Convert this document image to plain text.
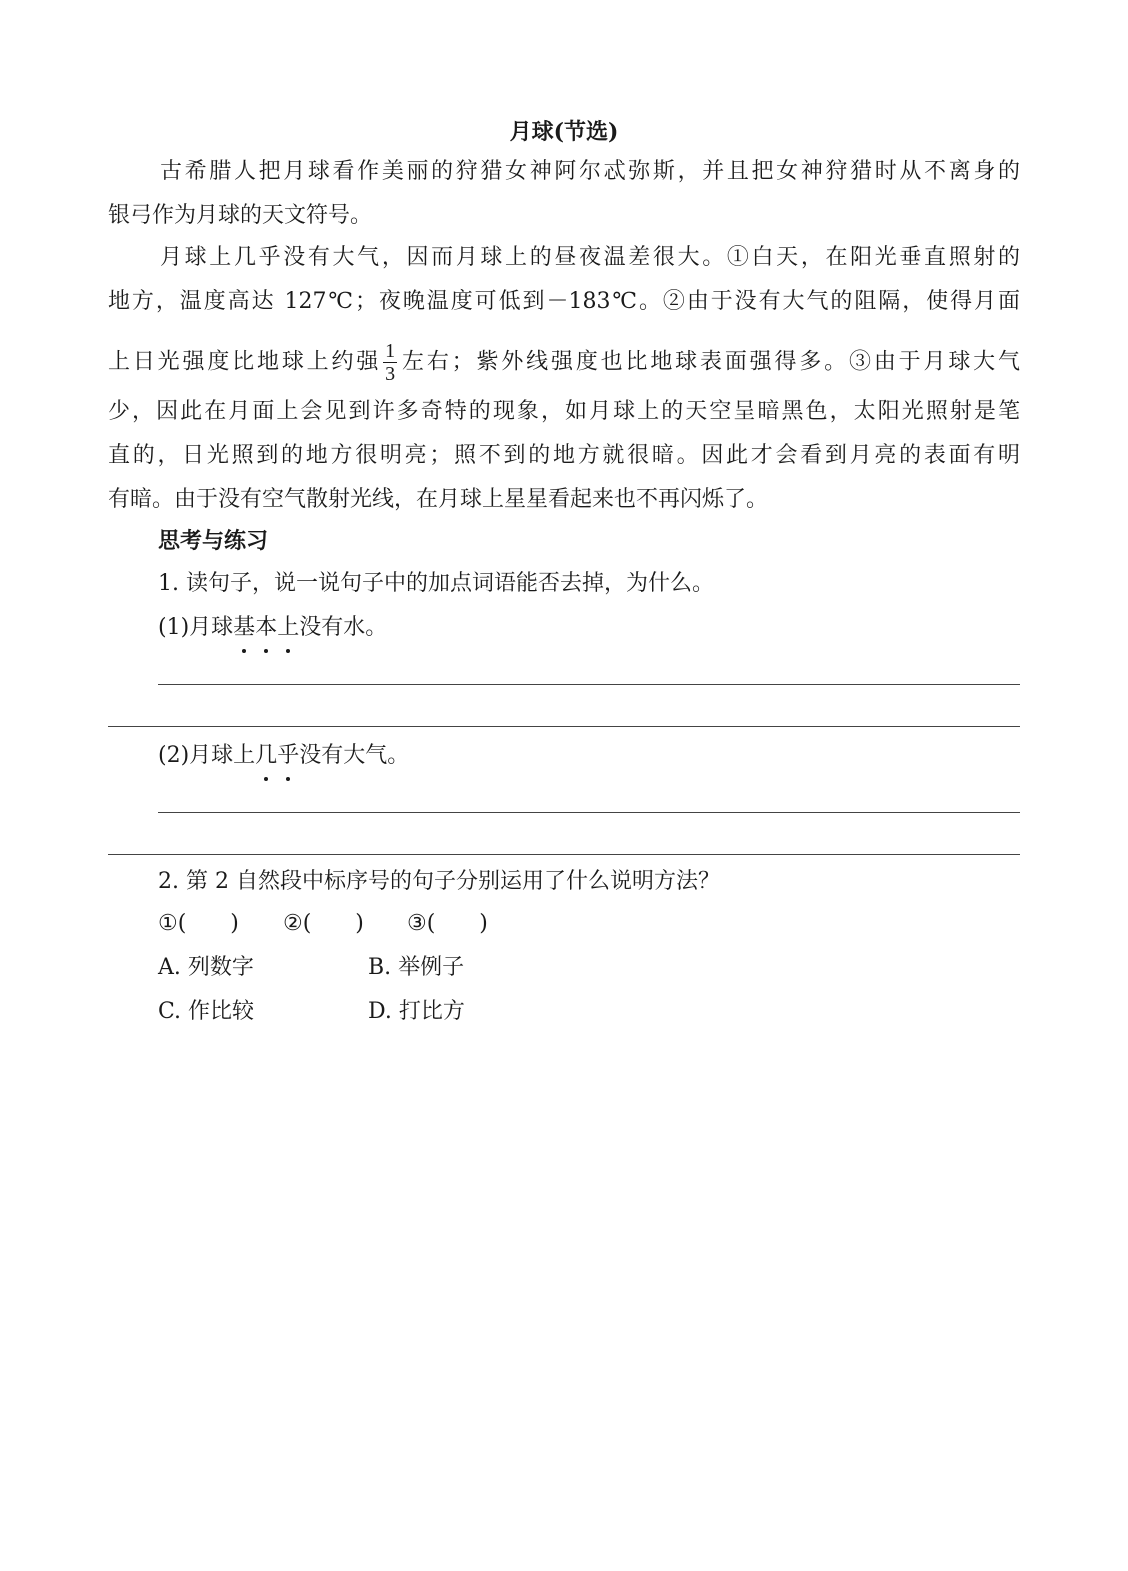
月球(节选)
古希腊人把月球看作美丽的狩猎女神阿尔忒弥斯，并且把女神狩猎时从不离身的
银弓作为月球的天文符号。
月球上几乎没有大气，因而月球上的昼夜温差很大。①白天，在阳光垂直照射的
地方，温度高达 127℃；夜晚温度可低到－183℃。②由于没有大气的阻隔，使得月面
上日光强度比地球上约强 $\frac{1}{3}$ 左右；紫外线强度也比地球表面强得多。③由于月球大气
少，因此在月面上会见到许多奇特的现象，如月球上的天空呈暗黑色，太阳光照射是笔
直的，日光照到的地方很明亮；照不到的地方就很暗。因此才会看到月亮的表面有明
有暗。由于没有空气散射光线，在月球上星星看起来也不再闪烁了。
思考与练习
1. 读句子，说一说句子中的加点词语能否去掉，为什么。
(1)月球基本上没有水。
(2)月球上几乎没有大气。
2. 第 2 自然段中标序号的句子分别运用了什么说明方法？
①(　　) ②(　　) ③(　　)
A. 列数字	B. 举例子
C. 作比较	D. 打比方
